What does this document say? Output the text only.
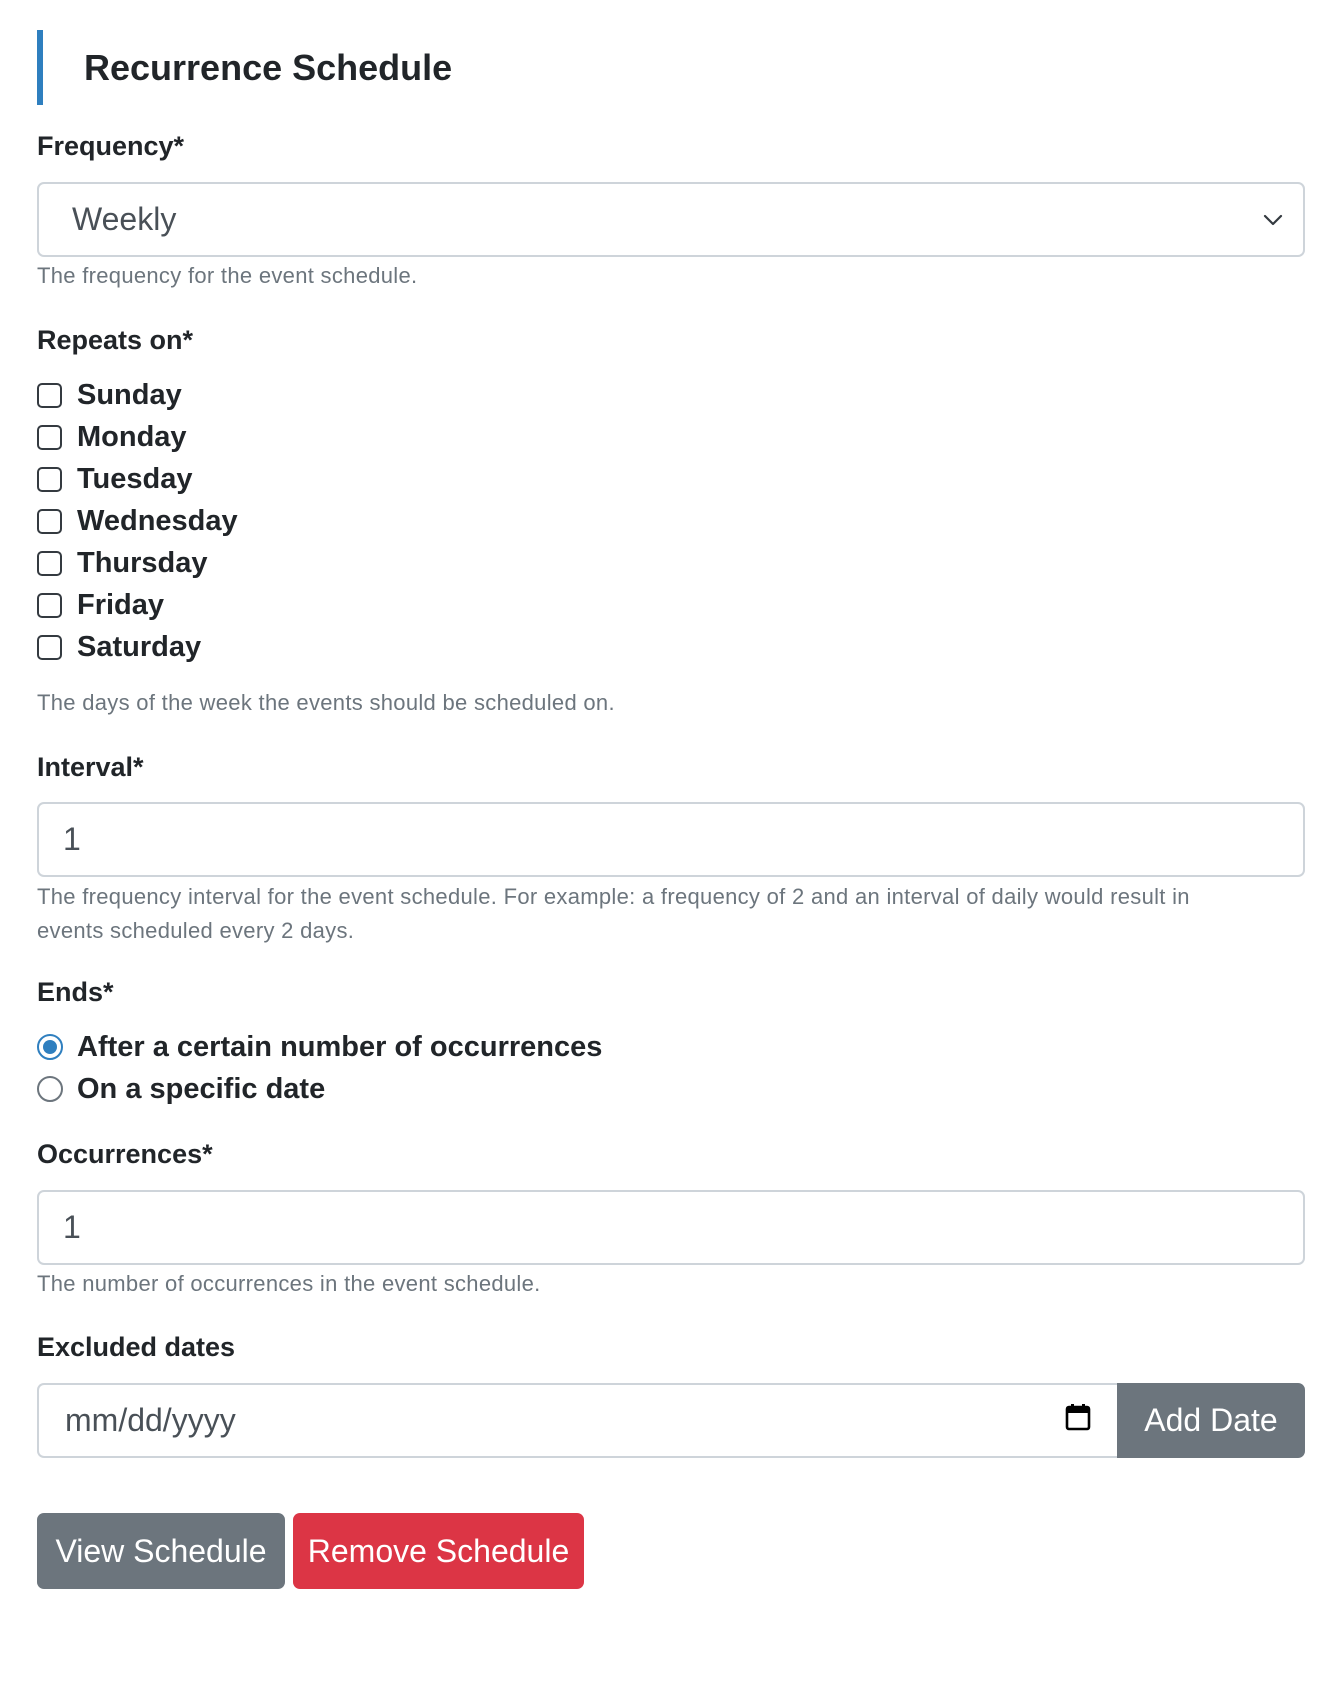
Recurrence Schedule
Frequency*
Weekly
The frequency for the event schedule.
Repeats on*
Sunday
Monday
Tuesday
Wednesday
Thursday
Friday
Saturday
The days of the week the events should be scheduled on.
Interval*
1
The frequency interval for the event schedule. For example: a frequency of 2 and an interval of daily would result in
events scheduled every 2 days.
Ends*
After a certain number of occurrences
On a specific date
Occurrences*
1
The number of occurrences in the event schedule.
Excluded dates
mm/dd/yyyy	Add Date
View Schedule	Remove Schedule
